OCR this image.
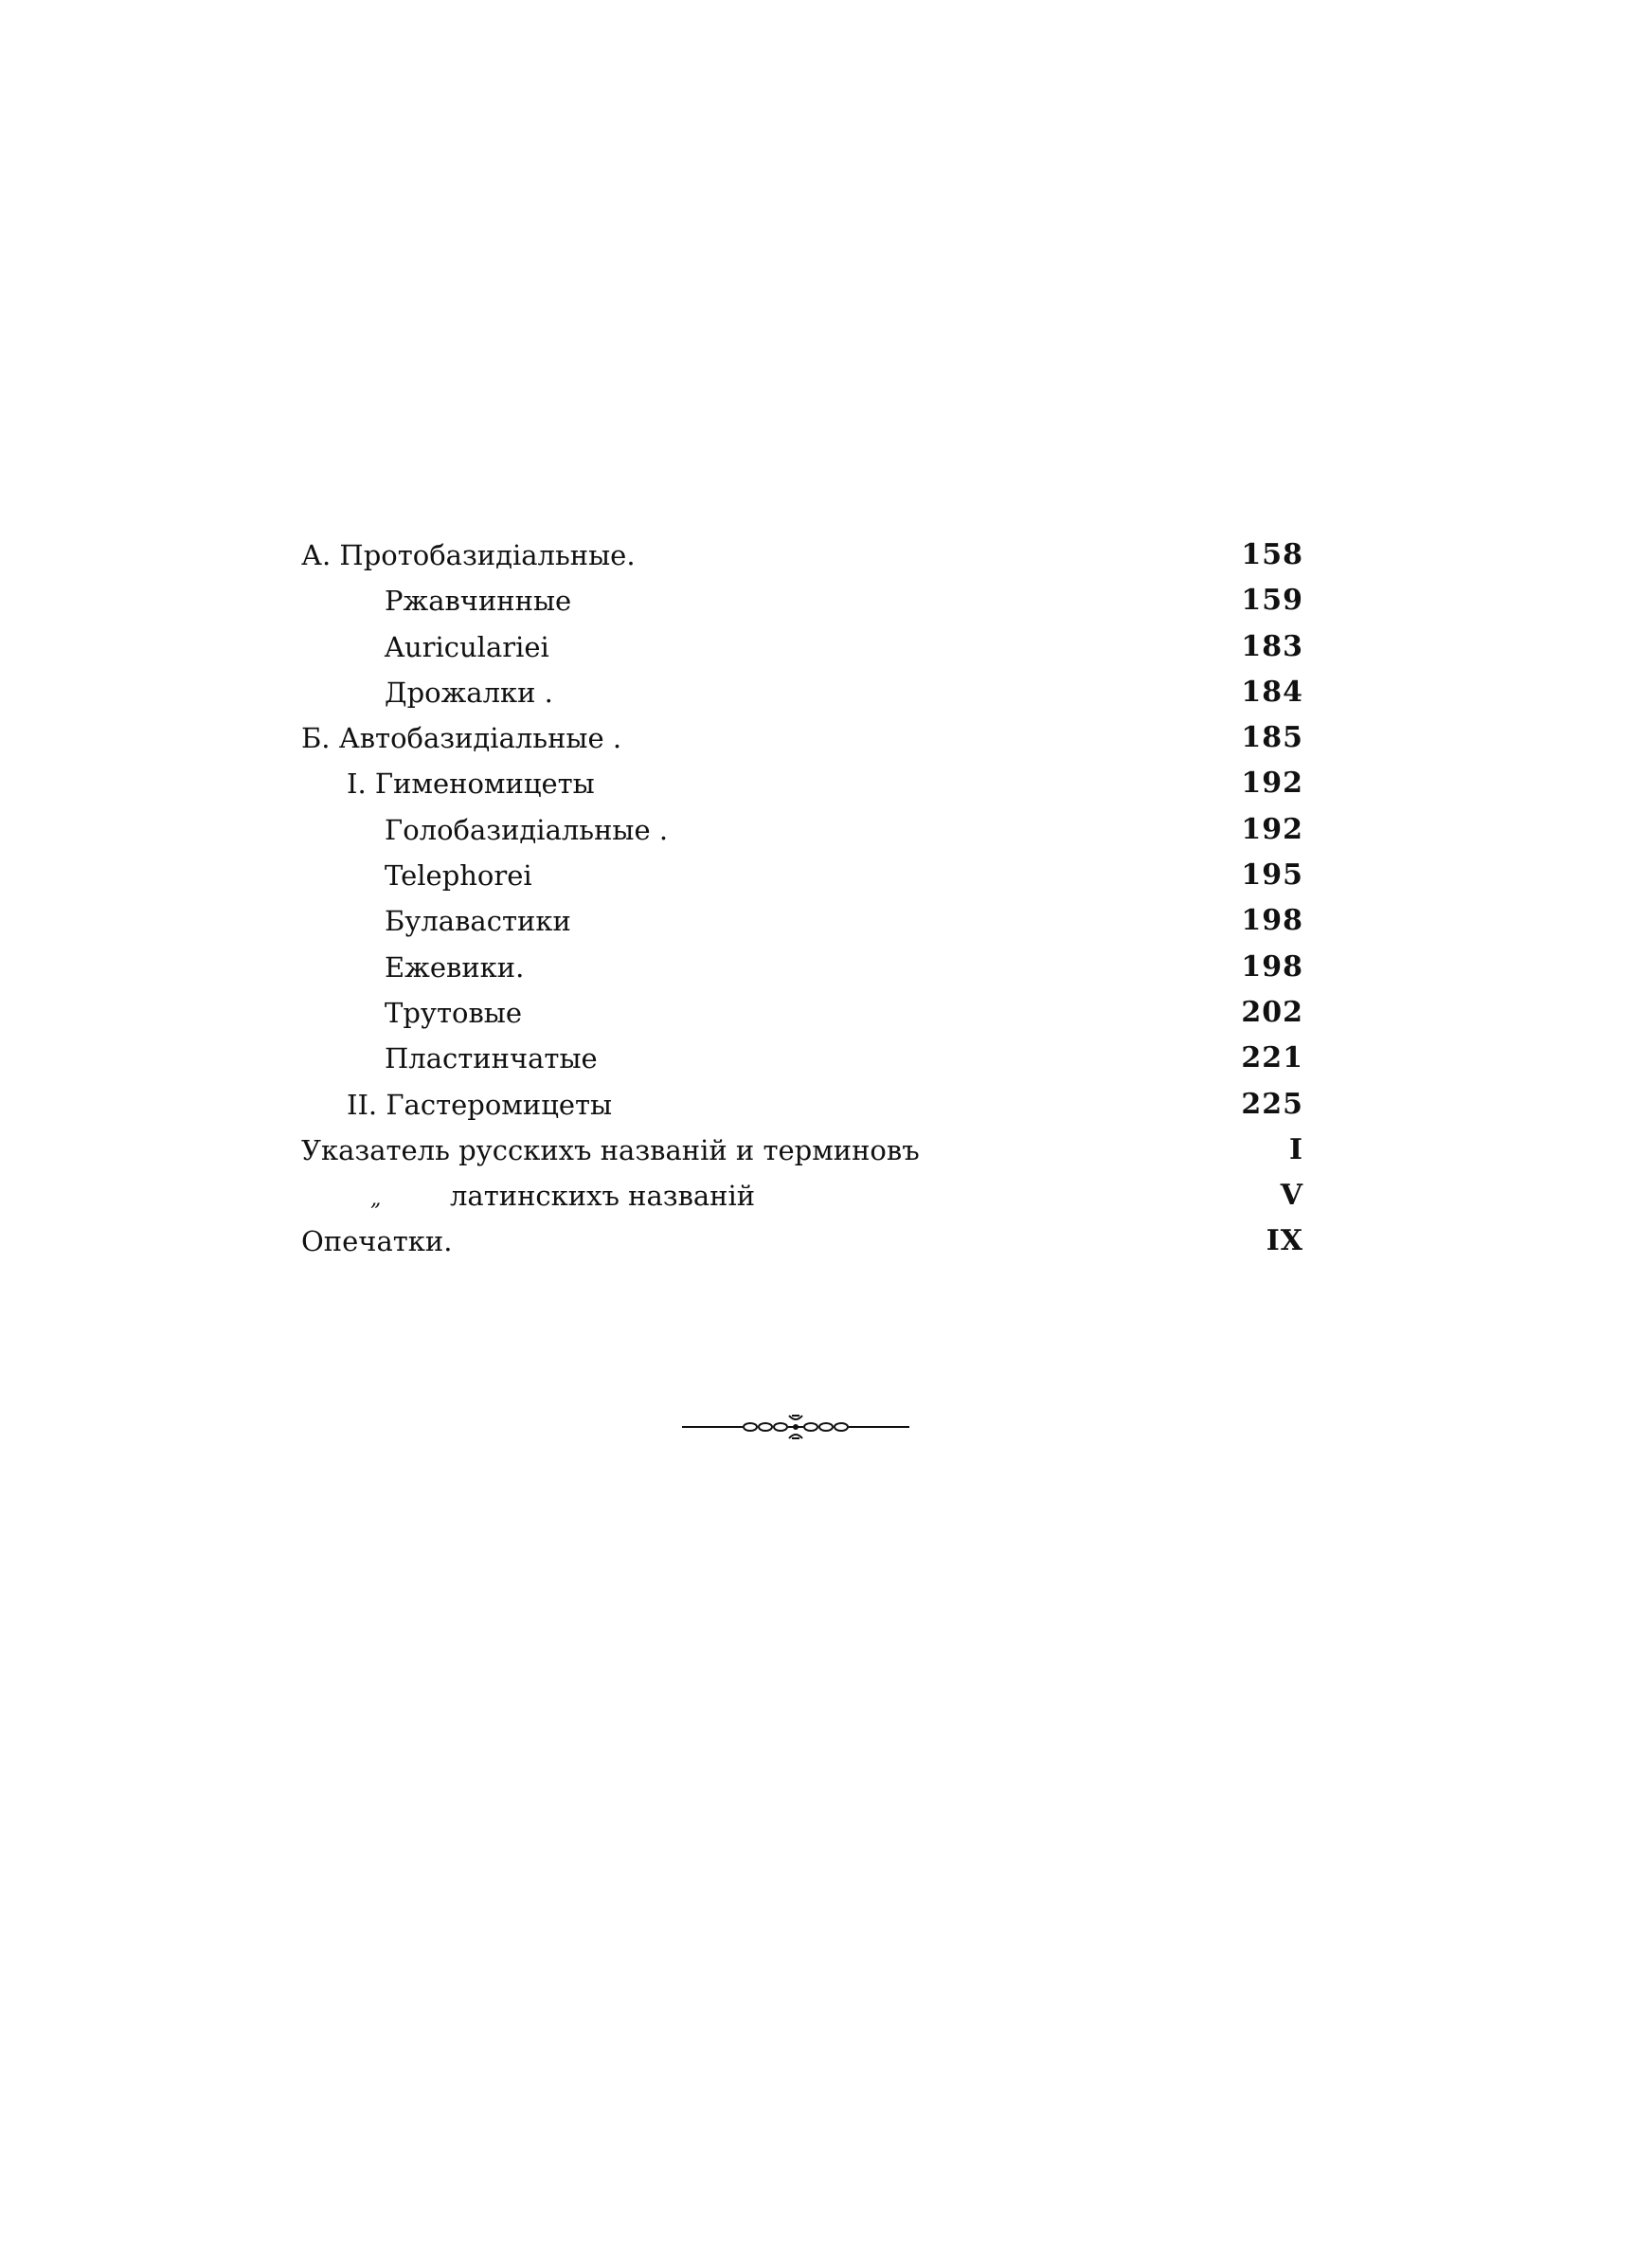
А. Протобазидiальные.	158
Ржавчинные	159
Auriculariei	183
Дрожалки .	184
Б. Автобазидiальные .	185
I. Гименомицеты	192
Голобазидiальные .	192
Telephorei	195
Булавастики	198
Ежевики.	198
Трутовые	202
Пластинчатые	221
II. Гастеромицеты	225
Указатель русскихъ названiй и терминовъ	I
„	латинскихъ названiй	V
Опечатки.	IX
